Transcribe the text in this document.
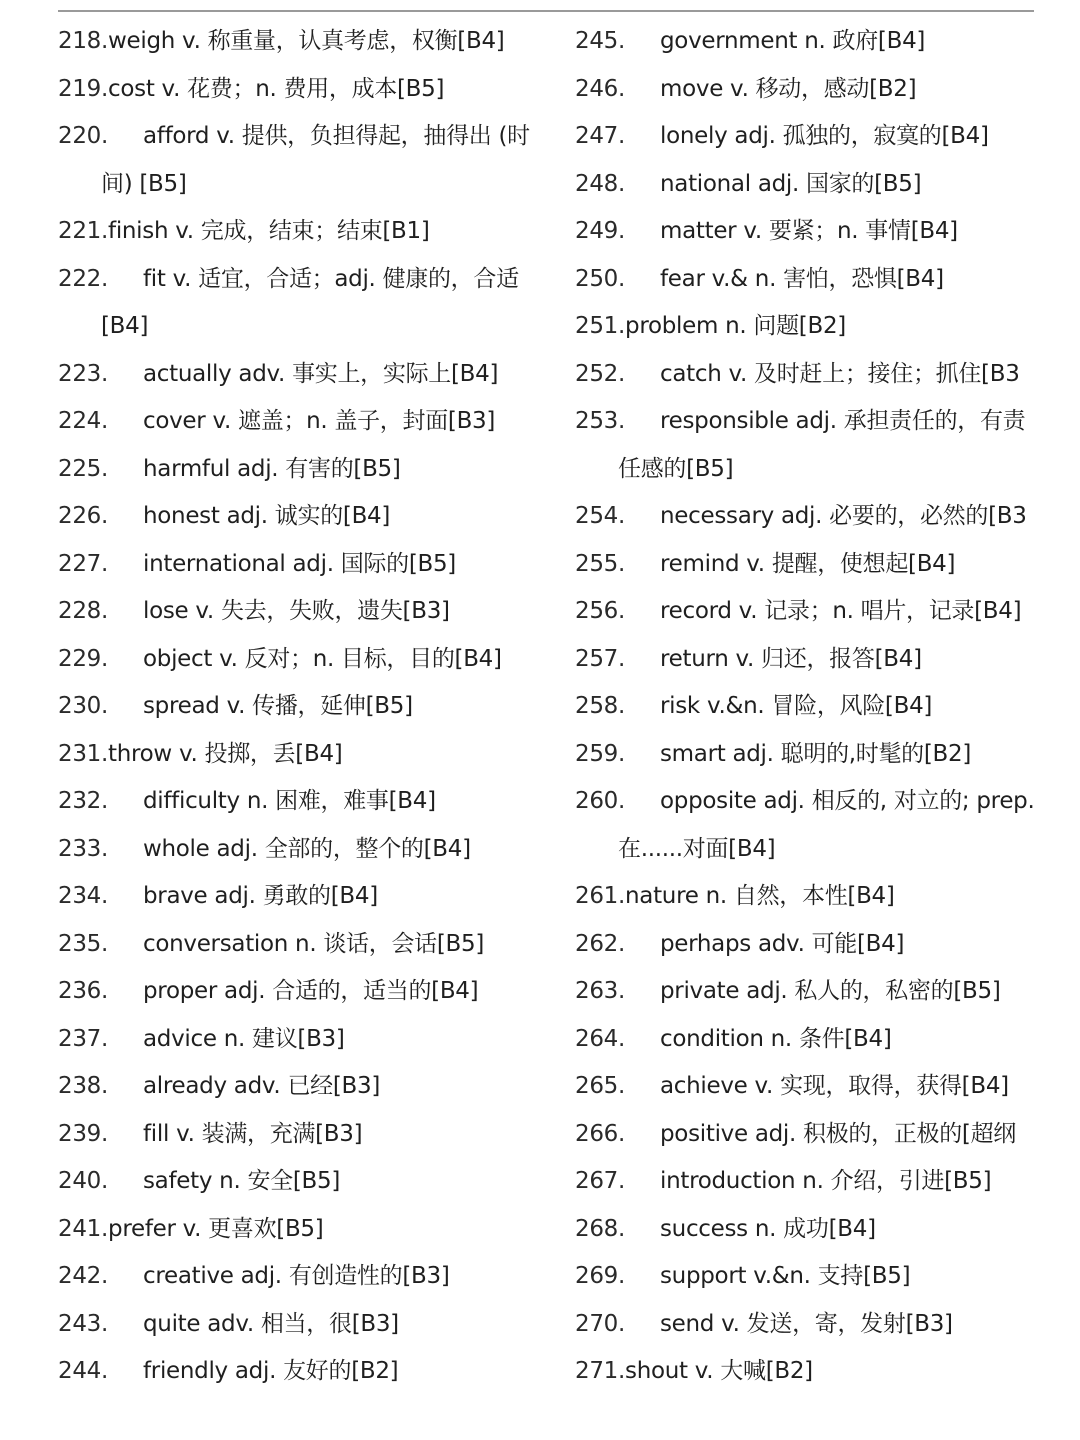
218.weigh v. 称重量，认真考虑，权衡[B4]
219.cost v. 花费；n. 费用，成本[B5]
220. afford v. 提供，负担得起，抽得出 (时间) [B5]
221.finish v. 完成，结束；结束[B1]
222. fit v. 适宜，合适；adj. 健康的，合适[B4]
223. actually adv. 事实上，实际上[B4]
224. cover v. 遮盖；n. 盖子，封面[B3]
225. harmful adj. 有害的[B5]
226. honest adj. 诚实的[B4]
227. international adj. 国际的[B5]
228. lose v. 失去，失败，遗失[B3]
229. object v. 反对；n. 目标，目的[B4]
230. spread v. 传播，延伸[B5]
231.throw v. 投掷，丢[B4]
232. difficulty n. 困难，难事[B4]
233. whole adj. 全部的，整个的[B4]
234. brave adj. 勇敢的[B4]
235. conversation n. 谈话，会话[B5]
236. proper adj. 合适的，适当的[B4]
237. advice n. 建议[B3]
238. already adv. 已经[B3]
239. fill v. 装满，充满[B3]
240. safety n. 安全[B5]
241.prefer v. 更喜欢[B5]
242. creative adj. 有创造性的[B3]
243. quite adv. 相当，很[B3]
244. friendly adj. 友好的[B2]
245. government n. 政府[B4]
246. move v. 移动，感动[B2]
247. lonely adj. 孤独的，寂寞的[B4]
248. national adj. 国家的[B5]
249. matter v. 要紧；n. 事情[B4]
250. fear v.& n. 害怕，恐惧[B4]
251.problem n. 问题[B2]
252. catch v. 及时赶上；接住；抓住[B3
253. responsible adj. 承担责任的，有责任感的[B5]
254. necessary adj. 必要的，必然的[B3
255. remind v. 提醒，使想起[B4]
256. record v. 记录；n. 唱片，记录[B4]
257. return v. 归还，报答[B4]
258. risk v.&n. 冒险，风险[B4]
259. smart adj. 聪明的,时髦的[B2]
260. opposite adj. 相反的, 对立的; prep. 在......对面[B4]
261.nature n. 自然，本性[B4]
262. perhaps adv. 可能[B4]
263. private adj. 私人的，私密的[B5]
264. condition n. 条件[B4]
265. achieve v. 实现，取得，获得[B4]
266. positive adj. 积极的，正极的[超纲
267. introduction n. 介绍，引进[B5]
268. success n. 成功[B4]
269. support v.&n. 支持[B5]
270. send v. 发送，寄，发射[B3]
271.shout v. 大喊[B2]
